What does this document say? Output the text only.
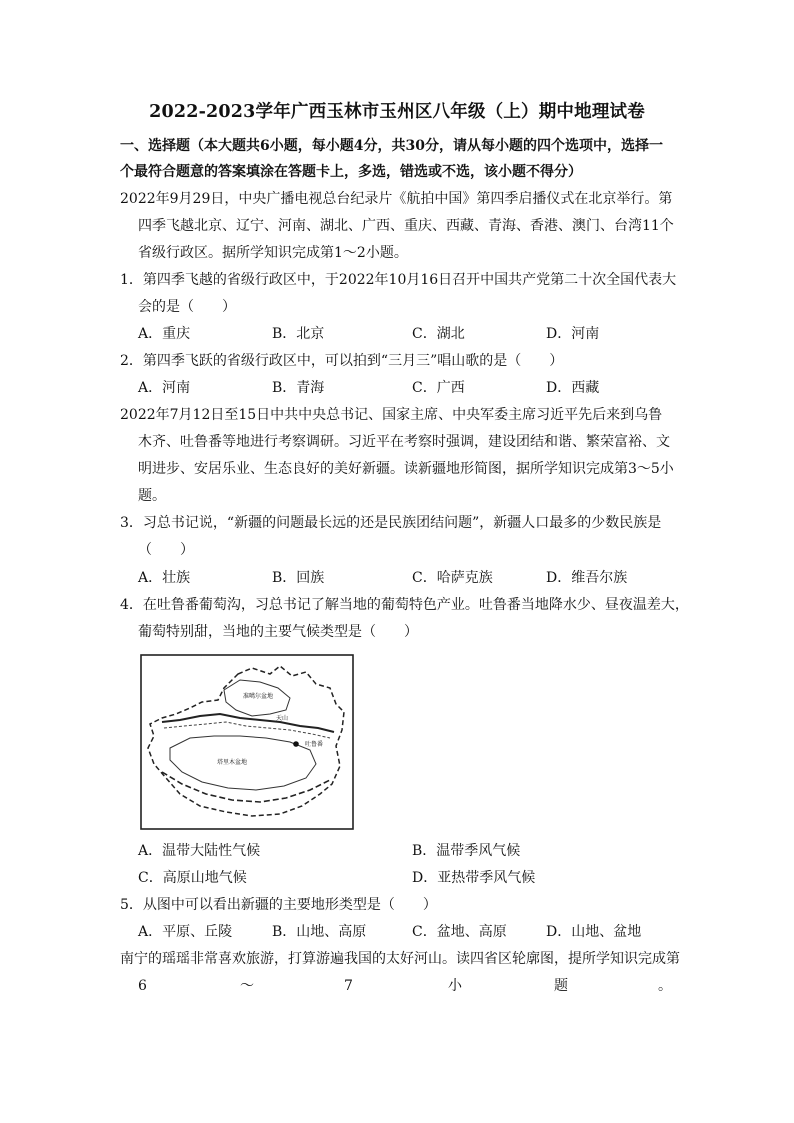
2022-2023学年广西玉林市玉州区八年级（上）期中地理试卷
一、选择题（本大题共6小题，每小题4分，共30分，请从每小题的四个选项中，选择一
个最符合题意的答案填涂在答题卡上，多选，错选或不选，该小题不得分）
2022年9月29日，中央广播电视总台纪录片《航拍中国》第四季启播仪式在北京举行。第
四季飞越北京、辽宁、河南、湖北、广西、重庆、西藏、青海、香港、澳门、台湾11个
省级行政区。据所学知识完成第1～2小题。
1．第四季飞越的省级行政区中，于2022年10月16日召开中国共产党第二十次全国代表大
会的是（　　）
A．重庆	B．北京	C．湖北	D．河南
2．第四季飞跃的省级行政区中，可以拍到“三月三”唱山歌的是（　　）
A．河南	B．青海	C．广西	D．西藏
2022年7月12日至15日中共中央总书记、国家主席、中央军委主席习近平先后来到乌鲁
木齐、吐鲁番等地进行考察调研。习近平在考察时强调，建设团结和谐、繁荣富裕、文
明进步、安居乐业、生态良好的美好新疆。读新疆地形简图，据所学知识完成第3～5小
题。
3．习总书记说，“新疆的问题最长远的还是民族团结问题”，新疆人口最多的少数民族是
（　　）
A．壮族	B．回族	C．哈萨克族	D．维吾尔族
4．在吐鲁番葡萄沟，习总书记了解当地的葡萄特色产业。吐鲁番当地降水少、昼夜温差大，
葡萄特别甜，当地的主要气候类型是（　　）
准噶尔盆地
天山
吐鲁番
塔里木盆地
A．温带大陆性气候	B．温带季风气候
C．高原山地气候	D．亚热带季风气候
5．从图中可以看出新疆的主要地形类型是（　　）
A．平原、丘陵	B．山地、高原	C．盆地、高原	D．山地、盆地
南宁的瑶瑶非常喜欢旅游，打算游遍我国的太好河山。读四省区轮廓图，提所学知识完成第
6	～	7	小	题	。
